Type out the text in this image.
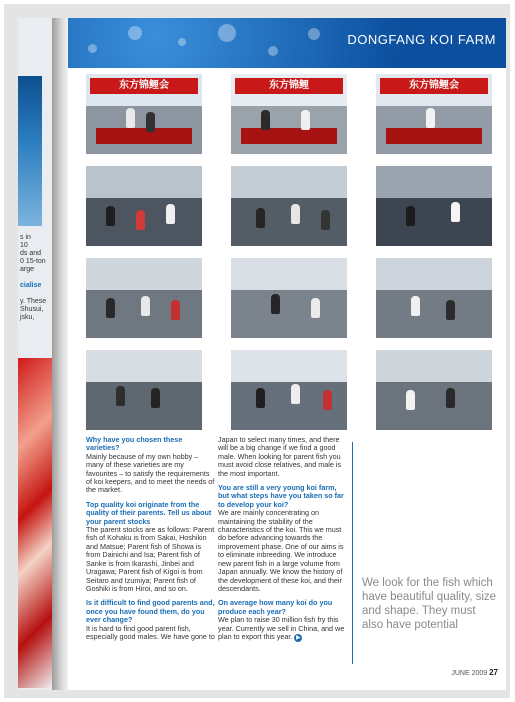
s in
10
ds and
0 15-ton
arge
cialise
y. These
Shusui,
jsku,
DONGFANG KOI FARM
东方锦鲤会	东方锦鲤	东方锦鲤会

Why have you chosen these varieties?

Mainly because of my own hobby – many of these varieties are my favourites – to satisfy the requirements of koi keepers, and to meet the needs of the market.

Top quality koi originate from the quality of their parents. Tell us about your parent stocks

The parent stocks are as follows: Parent fish of Kohaku is from Sakai, Hoshikin and Matsue; Parent fish of Showa is from Dainichi and Isa; Parent fish of Sanke is from Ikarashi, Jinbei and Uragawa; Parent fish of Kigoi is from Seitaro and Izumiya; Parent fish of Goshiki is from Hiroi, and so on.

Is it difficult to find good parents and, once you have found them, do you ever change?

It is hard to find good parent fish, especially good males. We have gone to

Japan to select many times, and there will be a big change if we find a good male. When looking for parent fish you must avoid close relatives, and male is the most important.

You are still a very young koi farm, but what steps have you taken so far to develop your koi?

We are mainly concentrating on maintaining the stability of the characteristics of the koi. This we must do before advancing towards the improvement phase. One of our aims is to eliminate inbreeding. We introduce new parent fish in a large volume from Japan annually. We know the history of the development of these koi, and their descendants.

On average how many koi do you produce each year?

We plan to raise 30 million fish fry this year. Currently we sell in China, and we plan to export this year. ▶

We look for the fish which have beautiful quality, size and shape. They must also have potential
JUNE 2009 27
